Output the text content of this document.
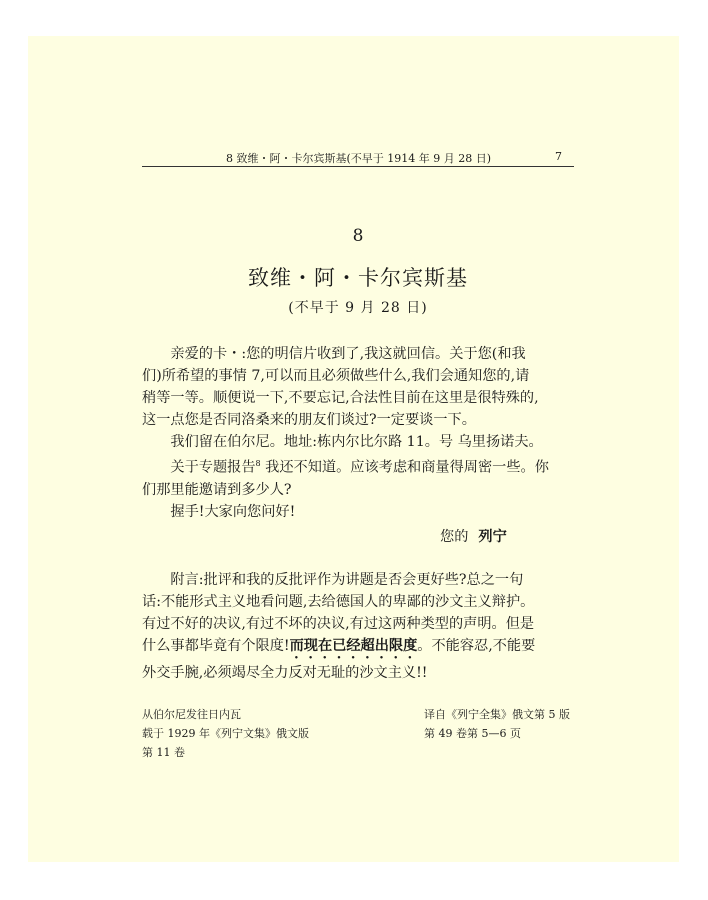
8 致维・阿・卡尔宾斯基(不早于 1914 年 9 月 28 日)	7
8
致维・阿・卡尔宾斯基
(不早于 9 月 28 日)

亲爱的卡・:您的明信片收到了,我这就回信。关于您(和我

们)所希望的事情 7,可以而且必须做些什么,我们会通知您的,请

稍等一等。顺便说一下,不要忘记,合法性目前在这里是很特殊的,

这一点您是否同洛桑来的朋友们谈过?一定要谈一下。

我们留在伯尔尼。地址:栋内尔比尔路 11。号 乌里扬诺夫。

关于专题报告$^8$ 我还不知道。应该考虑和商量得周密一些。你

们那里能邀请到多少人?

握手!大家向您问好!

您的 列宁

附言:批评和我的反批评作为讲题是否会更好些?总之一句

话:不能形式主义地看问题,去给德国人的卑鄙的沙文主义辩护。

有过不好的决议,有过不坏的决议,有过这两种类型的声明。但是

什么事都毕竟有个限度!而现在已经超出限度。不能容忍,不能要

外交手腕,必须竭尽全力反对无耻的沙文主义!!

从伯尔尼发往日内瓦
载于 1929 年《列宁文集》俄文版
第 11 卷
译自《列宁全集》俄文第 5 版
第 49 卷第 5—6 页
